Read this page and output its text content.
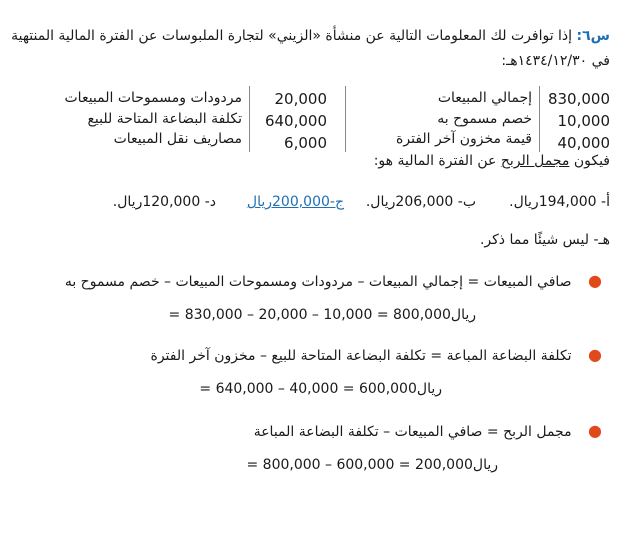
س٦: إذا توافرت لك المعلومات التالية عن منشأة «الزيني» لتجارة الملبوسات عن الفترة المالية المنتهية
في ١٤٣٤/١٢/٣٠هـ:
830,000
إجمالي المبيعات
10,000
خصم مسموح به
40,000
قيمة مخزون آخر الفترة
20,000
مردودات ومسموحات المبيعات
640,000
تكلفة البضاعة المتاحة للبيع
6,000
مصاريف نقل المبيعات
فيكون مجمل الربح عن الفترة المالية هو:
أ- 194,000ريال.
ب- 206,000ريال.
ج-200,000ريال
د- 120,000ريال.
هـ- ليس شيئًا مما ذكر.
● صافي المبيعات = إجمالي المبيعات – مردودات ومسموحات المبيعات – خصم مسموح به
= 830,000 – 20,000 – 10,000 = 800,000ريال
● تكلفة البضاعة المباعة = تكلفة البضاعة المتاحة للبيع – مخزون آخر الفترة
= 640,000 – 40,000 = 600,000ريال
● مجمل الربح = صافي المبيعات – تكلفة البضاعة المباعة
= 800,000 – 600,000 = 200,000ريال
